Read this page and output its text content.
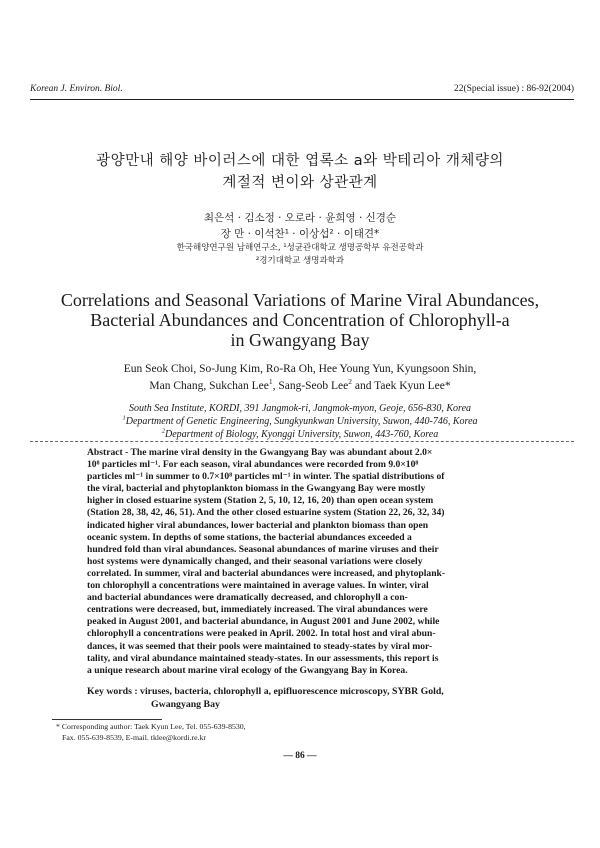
Korean J. Environ. Biol.	22(Special issue) : 86-92(2004)
광양만내 해양 바이러스에 대한 엽록소 a와 박테리아 개체량의
계절적 변이와 상관관계
최은석 · 김소정 · 오로라 · 윤희영 · 신경순
장 만 · 이석찬¹ · 이상섭² · 이태견*
한국해양연구원 남해연구소, ¹성균관대학교 생명공학부 유전공학과
²경기대학교 생명과학과
Correlations and Seasonal Variations of Marine Viral Abundances,
Bacterial Abundances and Concentration of Chlorophyll-a
in Gwangyang Bay
Eun Seok Choi, So-Jung Kim, Ro-Ra Oh, Hee Young Yun, Kyungsoon Shin,
Man Chang, Sukchan Lee$^1$, Sang-Seob Lee$^2$ and Taek Kyun Lee*
South Sea Institute, KORDI, 391 Jangmok-ri, Jangmok-myon, Geoje, 656-830, Korea
$^1$Department of Genetic Engineering, Sungkyunkwan University, Suwon, 440-746, Korea
$^2$Department of Biology, Kyonggi University, Suwon, 443-760, Korea
Abstract - The marine viral density in the Gwangyang Bay was abundant about 2.0×
10⁸ particles ml⁻¹. For each season, viral abundances were recorded from 9.0×10⁸
particles ml⁻¹ in summer to 0.7×10⁸ particles ml⁻¹ in winter. The spatial distributions of
the viral, bacterial and phytoplankton biomass in the Gwangyang Bay were mostly
higher in closed estuarine system (Station 2, 5, 10, 12, 16, 20) than open ocean system
(Station 28, 38, 42, 46, 51). And the other closed estuarine system (Station 22, 26, 32, 34)
indicated higher viral abundances, lower bacterial and plankton biomass than open
oceanic system. In depths of some stations, the bacterial abundances exceeded a
hundred fold than viral abundances. Seasonal abundances of marine viruses and their
host systems were dynamically changed, and their seasonal variations were closely
correlated. In summer, viral and bacterial abundances were increased, and phytoplank-
ton chlorophyll a concentrations were maintained in average values. In winter, viral
and bacterial abundances were dramatically decreased, and chlorophyll a con-
centrations were decreased, but, immediately increased. The viral abundances were
peaked in August 2001, and bacterial abundance, in August 2001 and June 2002, while
chlorophyll a concentrations were peaked in April. 2002. In total host and viral abun-
dances, it was seemed that their pools were maintained to steady-states by viral mor-
tality, and viral abundance maintained steady-states. In our assessments, this report is
a unique research about marine viral ecology of the Gwangyang Bay in Korea.
Key words : viruses, bacteria, chlorophyll a, epifluorescence microscopy, SYBR Gold,
Gwangyang Bay
* Corresponding author: Taek Kyun Lee, Tel. 055-639-8530,
Fax. 055-639-8539, E-mail. tklee@kordi.re.kr
— 86 —
